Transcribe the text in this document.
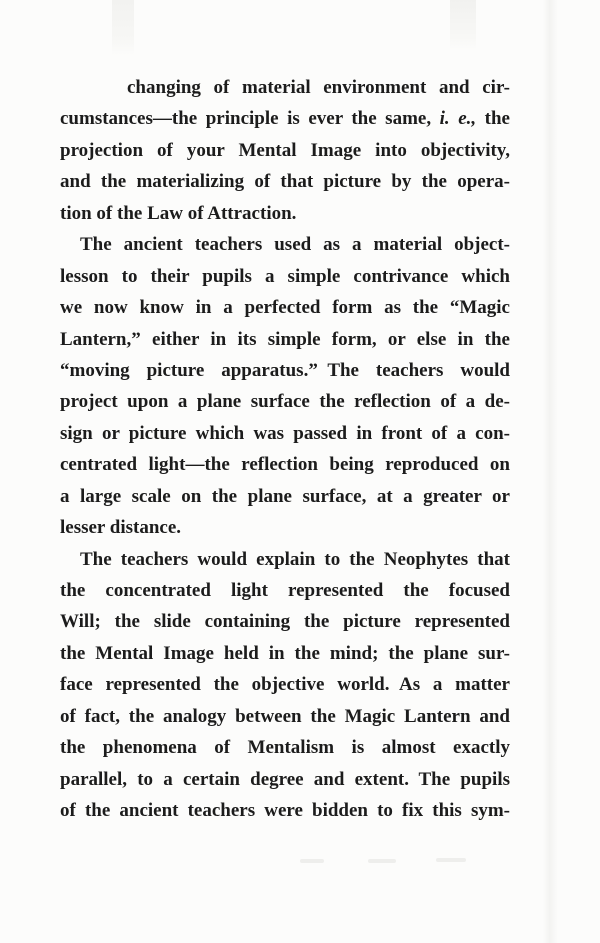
changing of material environment and cir-
cumstances—the principle is ever the same, i. e., the
projection of your Mental Image into objectivity,
and the materializing of that picture by the opera-
tion of the Law of Attraction.
The ancient teachers used as a material object-
lesson to their pupils a simple contrivance which
we now know in a perfected form as the “Magic
Lantern,” either in its simple form, or else in the
“moving picture apparatus.” The teachers would
project upon a plane surface the reflection of a de-
sign or picture which was passed in front of a con-
centrated light—the reflection being reproduced on
a large scale on the plane surface, at a greater or
lesser distance.
The teachers would explain to the Neophytes that
the concentrated light represented the focused
Will; the slide containing the picture represented
the Mental Image held in the mind; the plane sur-
face represented the objective world. As a matter
of fact, the analogy between the Magic Lantern and
the phenomena of Mentalism is almost exactly
parallel, to a certain degree and extent. The pupils
of the ancient teachers were bidden to fix this sym-
